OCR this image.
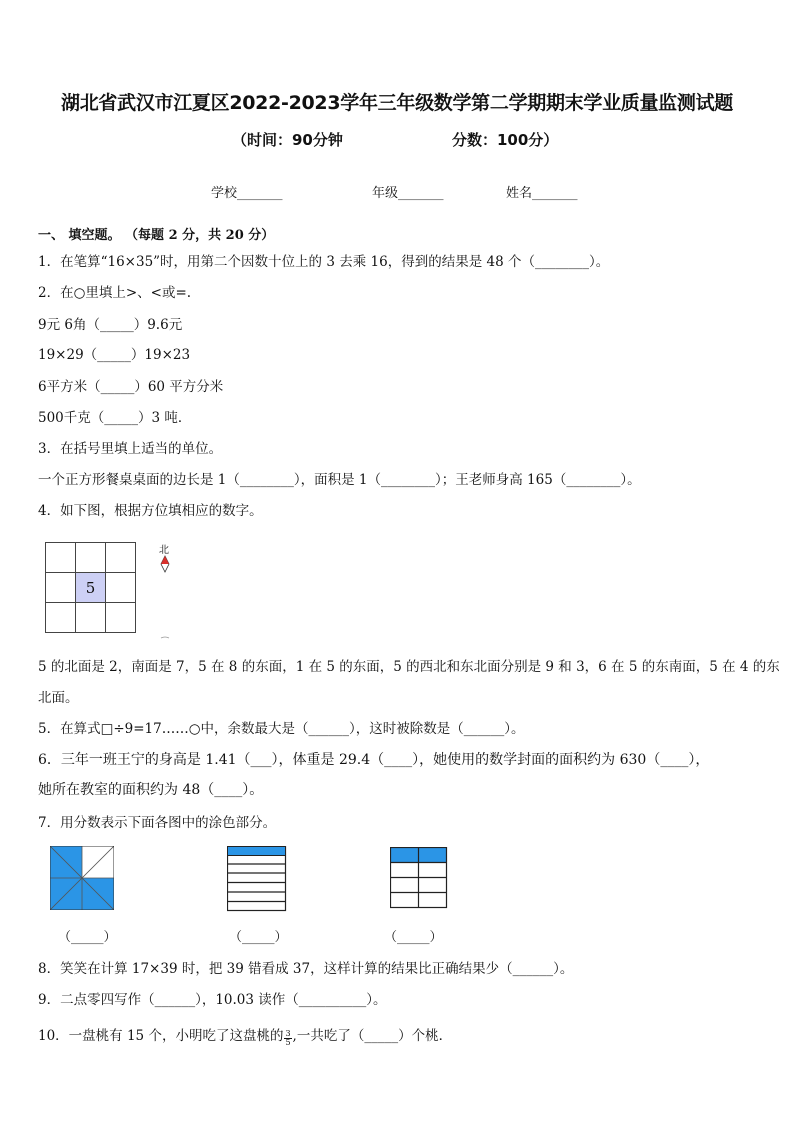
湖北省武汉市江夏区2022-2023学年三年级数学第二学期期末学业质量监测试题
（时间：90分钟	分数：100分）
学校_______	年级_______	姓名_______
一、 填空题。 （每题 2 分，共 20 分）
1．在笔算“16×35”时，用第二个因数十位上的 3 去乘 16，得到的结果是 48 个（________）。
2．在○里填上>、<或=.
9元 6角（_____）9.6元
19×29（_____）19×23
6平方米（_____）60 平方分米
500千克（_____）3 吨．
3．在括号里填上适当的单位。
一个正方形餐桌桌面的边长是 1（________），面积是 1（________）；王老师身高 165（________）。
4．如下图，根据方位填相应的数字。
5
北
5 的北面是 2，南面是 7，5 在 8 的东面，1 在 5 的东面，5 的西北和东北面分别是 9 和 3，6 在 5 的东南面，5 在 4 的东
北面。
5．在算式□÷9=17……○中，余数最大是（______），这时被除数是（______）。
6．三年一班王宁的身高是 1.41（___），体重是 29.4（____），她使用的数学封面的面积约为 630（____），
她所在教室的面积约为 48（____）。
7．用分数表示下面各图中的涂色部分。
（_____）	（_____）	（_____）
8．笑笑在计算 17×39 时，把 39 错看成 37，这样计算的结果比正确结果少（______）。
9．二点零四写作（______），10.03 读作（__________）。
10．一盘桃有 15 个，小明吃了这盘桃的 $\frac{3}{5}$ ,一共吃了（_____）个桃．
